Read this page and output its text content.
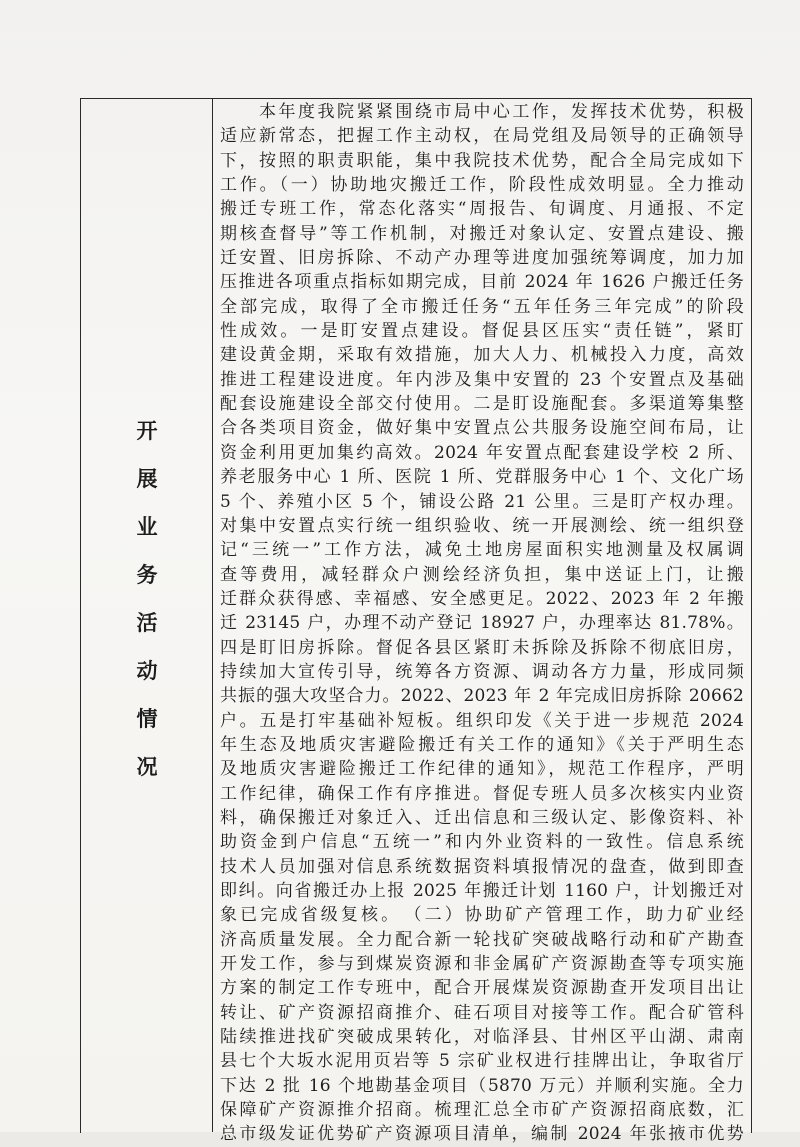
开
展
业
务
活
动
情
况
　　本年度我院紧紧围绕市局中心工作，发挥技术优势，积极
适应新常态，把握工作主动权，在局党组及局领导的正确领导
下，按照的职责职能，集中我院技术优势，配合全局完成如下
工作。（一）协助地灾搬迁工作，阶段性成效明显。全力推动
搬迁专班工作，常态化落实“周报告、旬调度、月通报、不定
期核查督导”等工作机制，对搬迁对象认定、安置点建设、搬
迁安置、旧房拆除、不动产办理等进度加强统筹调度，加力加
压推进各项重点指标如期完成，目前 2024 年 1626 户搬迁任务
全部完成，取得了全市搬迁任务“五年任务三年完成”的阶段
性成效。一是盯安置点建设。督促县区压实“责任链”，紧盯
建设黄金期，采取有效措施，加大人力、机械投入力度，高效
推进工程建设进度。年内涉及集中安置的 23 个安置点及基础
配套设施建设全部交付使用。二是盯设施配套。多渠道筹集整
合各类项目资金，做好集中安置点公共服务设施空间布局，让
资金利用更加集约高效。2024 年安置点配套建设学校 2 所、
养老服务中心 1 所、医院 1 所、党群服务中心 1 个、文化广场
5 个、养殖小区 5 个，铺设公路 21 公里。三是盯产权办理。
对集中安置点实行统一组织验收、统一开展测绘、统一组织登
记“三统一”工作方法，减免土地房屋面积实地测量及权属调
查等费用，减轻群众户测绘经济负担，集中送证上门，让搬
迁群众获得感、幸福感、安全感更足。2022、2023 年 2 年搬
迁 23145 户，办理不动产登记 18927 户，办理率达 81.78%。
四是盯旧房拆除。督促各县区紧盯未拆除及拆除不彻底旧房，
持续加大宣传引导，统筹各方资源、调动各方力量，形成同频
共振的强大攻坚合力。2022、2023 年 2 年完成旧房拆除 20662
户。五是打牢基础补短板。组织印发《关于进一步规范 2024
年生态及地质灾害避险搬迁有关工作的通知》《关于严明生态
及地质灾害避险搬迁工作纪律的通知》，规范工作程序，严明
工作纪律，确保工作有序推进。督促专班人员多次核实内业资
料，确保搬迁对象迁入、迁出信息和三级认定、影像资料、补
助资金到户信息“五统一”和内外业资料的一致性。信息系统
技术人员加强对信息系统数据资料填报情况的盘查，做到即查
即纠。向省搬迁办上报 2025 年搬迁计划 1160 户，计划搬迁对
象已完成省级复核。　（二）协助矿产管理工作，助力矿业经
济高质量发展。全力配合新一轮找矿突破战略行动和矿产勘查
开发工作，参与到煤炭资源和非金属矿产资源勘查等专项实施
方案的制定工作专班中，配合开展煤炭资源勘查开发项目出让
转让、矿产资源招商推介、硅石项目对接等工作。配合矿管科
陆续推进找矿突破成果转化，对临泽县、甘州区平山湖、肃南
县七个大坂水泥用页岩等 5 宗矿业权进行挂牌出让，争取省厅
下达 2 批 16 个地勘基金项目（5870 万元）并顺利实施。全力
保障矿产资源推介招商。梳理汇总全市矿产资源招商底数，汇
总市级发证优势矿产资源项目清单，编制 2024 年张掖市优势
